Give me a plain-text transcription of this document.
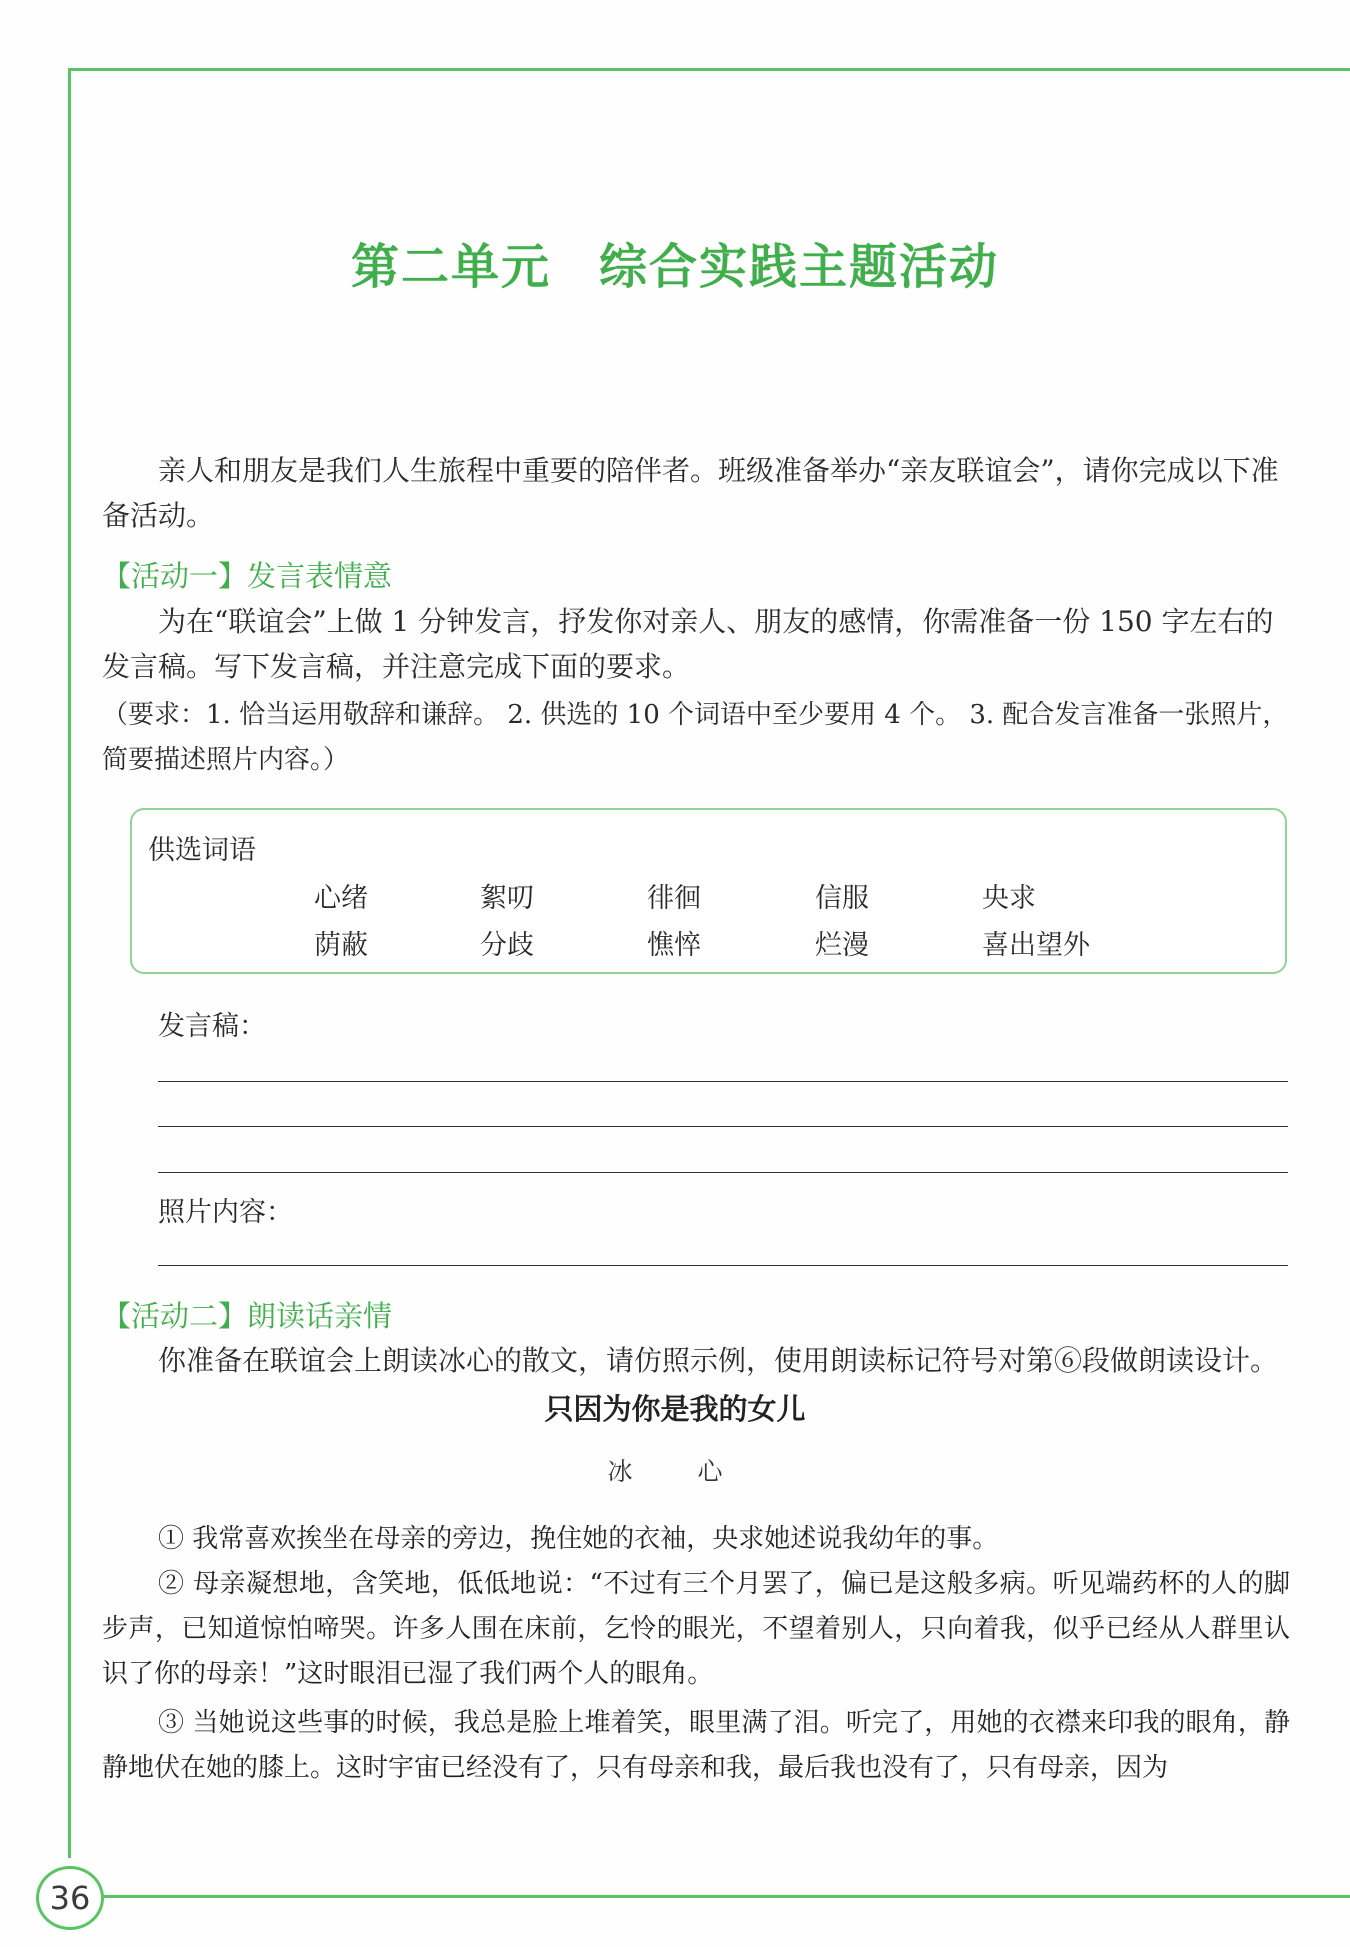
36
第二单元 综合实践主题活动
亲人和朋友是我们人生旅程中重要的陪伴者。班级准备举办“亲友联谊会”，请你完成以下准备活动。
【活动一】发言表情意
为在“联谊会”上做 1 分钟发言，抒发你对亲人、朋友的感情，你需准备一份 150 字左右的发言稿。写下发言稿，并注意完成下面的要求。
（要求：1. 恰当运用敬辞和谦辞。 2. 供选的 10 个词语中至少要用 4 个。 3. 配合发言准备一张照片，简要描述照片内容。）
供选词语
心绪	絮叨	徘徊	信服	央求
荫蔽	分歧	憔悴	烂漫	喜出望外
发言稿：
照片内容：
【活动二】朗读话亲情
你准备在联谊会上朗读冰心的散文，请仿照示例，使用朗读标记符号对第⑥段做朗读设计。
只因为你是我的女儿
冰　心
① 我常喜欢挨坐在母亲的旁边，挽住她的衣袖，央求她述说我幼年的事。
② 母亲凝想地，含笑地，低低地说：“不过有三个月罢了，偏已是这般多病。听见端药杯的人的脚步声，已知道惊怕啼哭。许多人围在床前，乞怜的眼光，不望着别人，只向着我，似乎已经从人群里认识了你的母亲！”这时眼泪已湿了我们两个人的眼角。
③ 当她说这些事的时候，我总是脸上堆着笑，眼里满了泪。听完了，用她的衣襟来印我的眼角，静静地伏在她的膝上。这时宇宙已经没有了，只有母亲和我，最后我也没有了，只有母亲，因为
